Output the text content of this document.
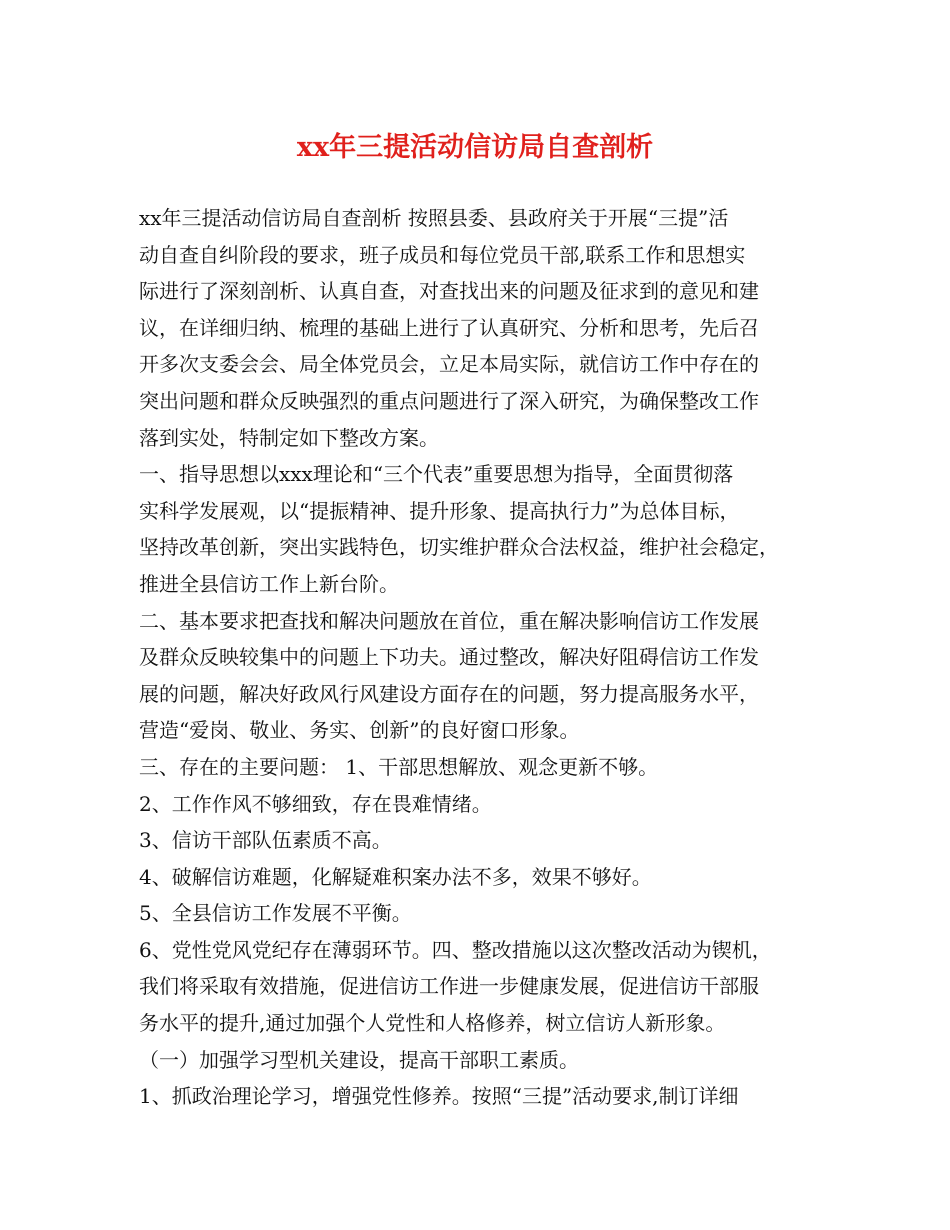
xx年三提活动信访局自查剖析
xx年三提活动信访局自查剖析 按照县委、县政府关于开展“三提”活
动自查自纠阶段的要求，班子成员和每位党员干部,联系工作和思想实
际进行了深刻剖析、认真自查，对查找出来的问题及征求到的意见和建
议，在详细归纳、梳理的基础上进行了认真研究、分析和思考，先后召
开多次支委会会、局全体党员会，立足本局实际，就信访工作中存在的
突出问题和群众反映强烈的重点问题进行了深入研究，为确保整改工作
落到实处，特制定如下整改方案。
一、指导思想以xxx理论和“三个代表”重要思想为指导，全面贯彻落
实科学发展观，以“提振精神、提升形象、提高执行力”为总体目标，
坚持改革创新，突出实践特色，切实维护群众合法权益，维护社会稳定，
推进全县信访工作上新台阶。
二、基本要求把查找和解决问题放在首位，重在解决影响信访工作发展
及群众反映较集中的问题上下功夫。通过整改，解决好阻碍信访工作发
展的问题，解决好政风行风建设方面存在的问题，努力提高服务水平，
营造“爱岗、敬业、务实、创新”的良好窗口形象。
三、存在的主要问题： 1、干部思想解放、观念更新不够。
2、工作作风不够细致，存在畏难情绪。
3、信访干部队伍素质不高。
4、破解信访难题，化解疑难积案办法不多，效果不够好。
5、全县信访工作发展不平衡。
6、党性党风党纪存在薄弱环节。四、整改措施以这次整改活动为锲机，
我们将采取有效措施，促进信访工作进一步健康发展，促进信访干部服
务水平的提升,通过加强个人党性和人格修养，树立信访人新形象。
（一）加强学习型机关建设，提高干部职工素质。
1、抓政治理论学习，增强党性修养。按照“三提”活动要求,制订详细
